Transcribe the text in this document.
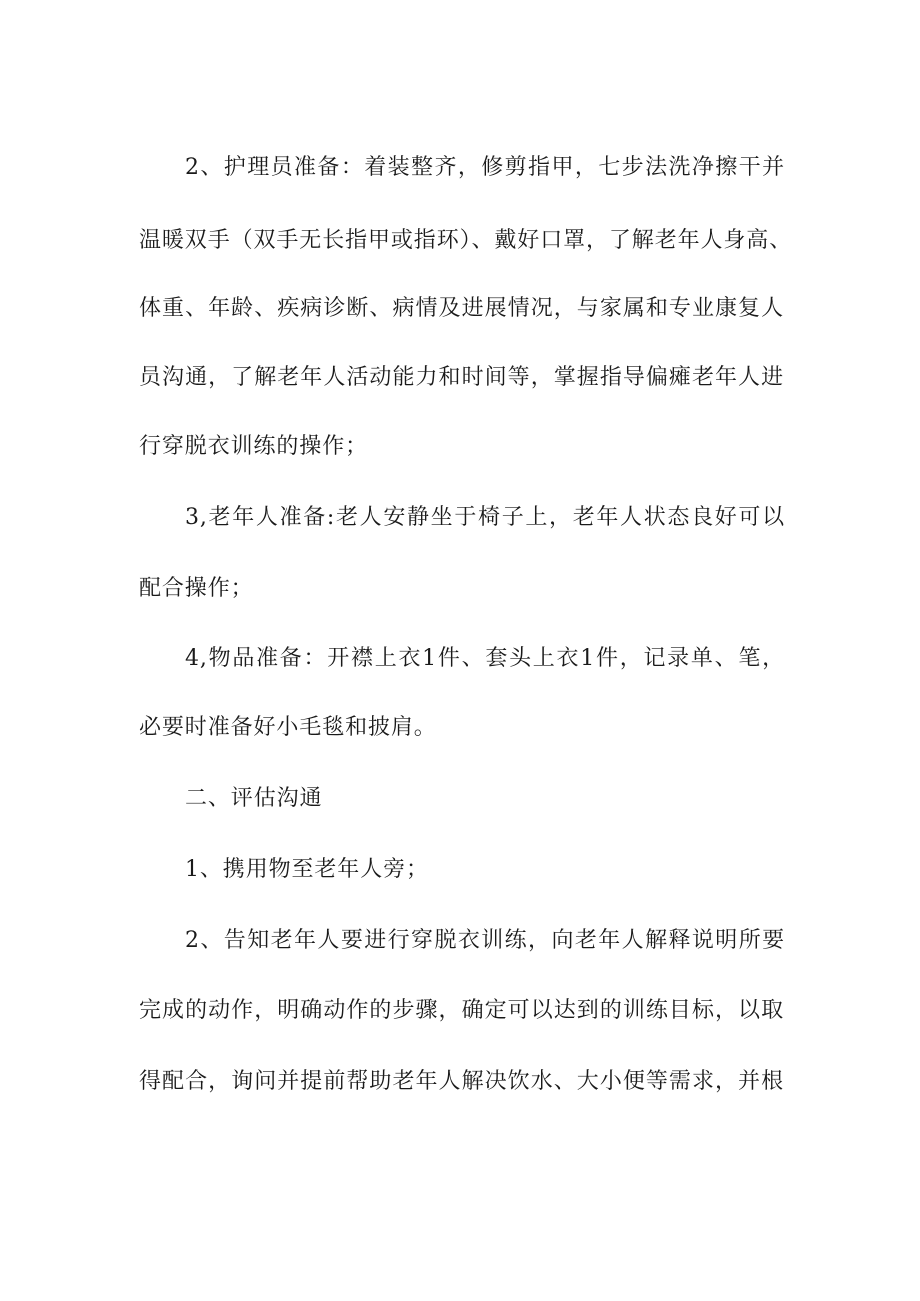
2、护理员准备：着装整齐，修剪指甲，七步法洗净擦干并
温暖双手（双手无长指甲或指环）、戴好口罩，了解老年人身高、
体重、年龄、疾病诊断、病情及进展情况，与家属和专业康复人
员沟通，了解老年人活动能力和时间等，掌握指导偏瘫老年人进
行穿脱衣训练的操作；
3,老年人准备:老人安静坐于椅子上，老年人状态良好可以
配合操作；
4,物品准备：开襟上衣1件、套头上衣1件，记录单、笔，
必要时准备好小毛毯和披肩。
二、评估沟通
1、携用物至老年人旁；
2、告知老年人要进行穿脱衣训练，向老年人解释说明所要
完成的动作，明确动作的步骤，确定可以达到的训练目标，以取
得配合，询问并提前帮助老年人解决饮水、大小便等需求，并根
